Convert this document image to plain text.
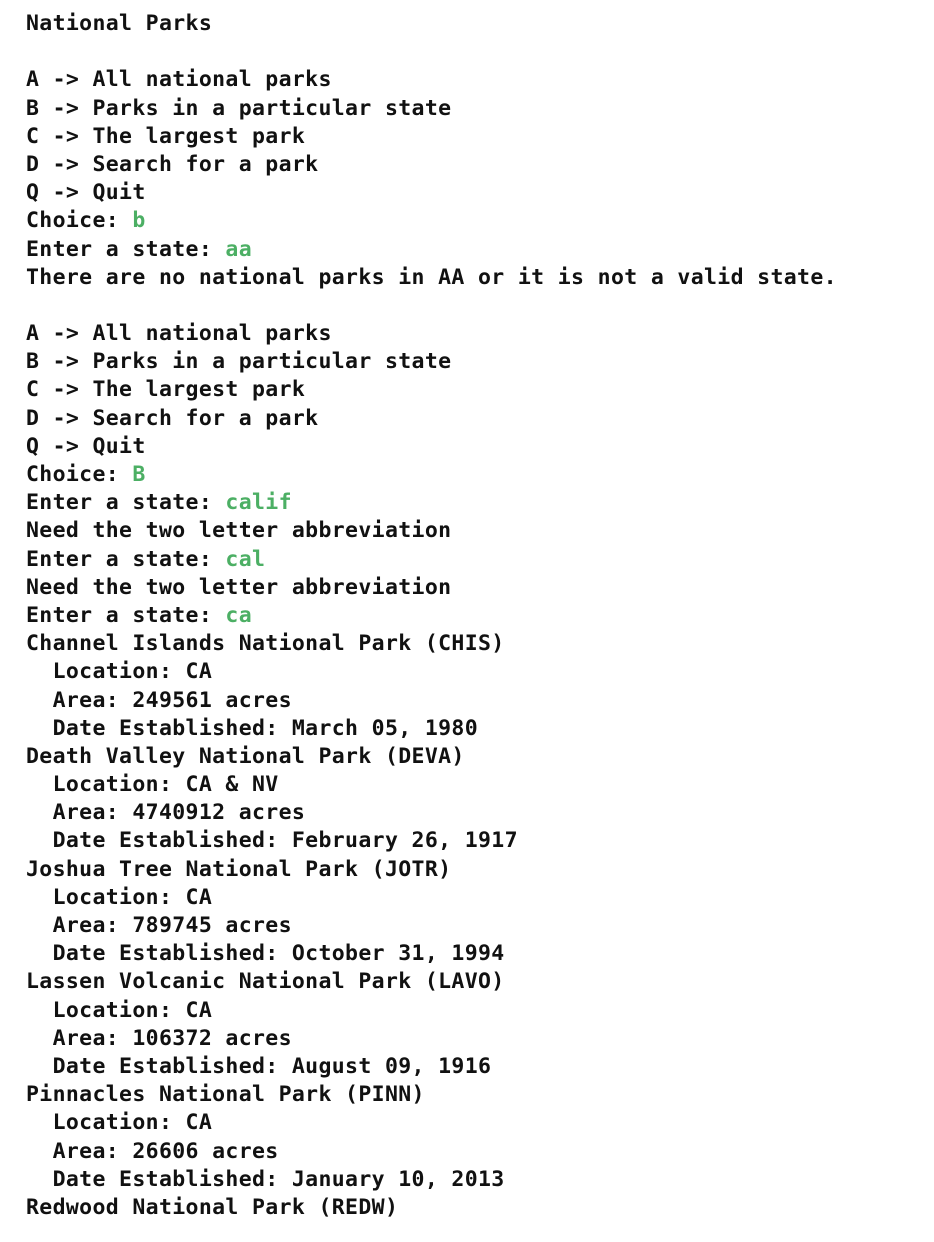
National Parks
A -> All national parks
B -> Parks in a particular state
C -> The largest park
D -> Search for a park
Q -> Quit
Choice: b
Enter a state: aa
There are no national parks in AA or it is not a valid state.
A -> All national parks
B -> Parks in a particular state
C -> The largest park
D -> Search for a park
Q -> Quit
Choice: B
Enter a state: calif
Need the two letter abbreviation
Enter a state: cal
Need the two letter abbreviation
Enter a state: ca
Channel Islands National Park (CHIS)
Location: CA
Area: 249561 acres
Date Established: March 05, 1980
Death Valley National Park (DEVA)
Location: CA & NV
Area: 4740912 acres
Date Established: February 26, 1917
Joshua Tree National Park (JOTR)
Location: CA
Area: 789745 acres
Date Established: October 31, 1994
Lassen Volcanic National Park (LAVO)
Location: CA
Area: 106372 acres
Date Established: August 09, 1916
Pinnacles National Park (PINN)
Location: CA
Area: 26606 acres
Date Established: January 10, 2013
Redwood National Park (REDW)
